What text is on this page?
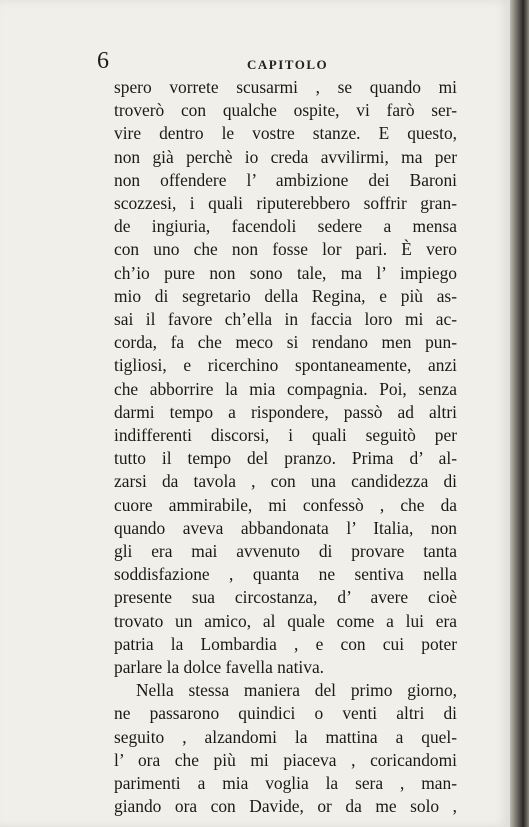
6	CAPITOLO
spero vorrete scusarmi , se quando mi
troverò con qualche ospite, vi farò ser-
vire dentro le vostre stanze. E questo,
non già perchè io creda avvilirmi, ma per
non offendere l’ ambizione dei Baroni
scozzesi, i quali riputerebbero soffrir gran-
de ingiuria, facendoli sedere a mensa
con uno che non fosse lor pari. È vero
ch’io pure non sono tale, ma l’ impiego
mio di segretario della Regina, e più as-
sai il favore ch’ella in faccia loro mi ac-
corda, fa che meco si rendano men pun-
tigliosi, e ricerchino spontaneamente, anzi
che abborrire la mia compagnia. Poi, senza
darmi tempo a rispondere, passò ad altri
indifferenti discorsi, i quali seguitò per
tutto il tempo del pranzo. Prima d’ al-
zarsi da tavola , con una candidezza di
cuore ammirabile, mi confessò , che da
quando aveva abbandonata l’ Italia, non
gli era mai avvenuto di provare tanta
soddisfazione , quanta ne sentiva nella
presente sua circostanza, d’ avere cioè
trovato un amico, al quale come a lui era
patria la Lombardia , e con cui poter
parlare la dolce favella nativa.
Nella stessa maniera del primo giorno,
ne passarono quindici o venti altri di
seguito , alzandomi la mattina a quel-
l’ ora che più mi piaceva , coricandomi
parimenti a mia voglia la sera , man-
giando ora con Davide, or da me solo ,
